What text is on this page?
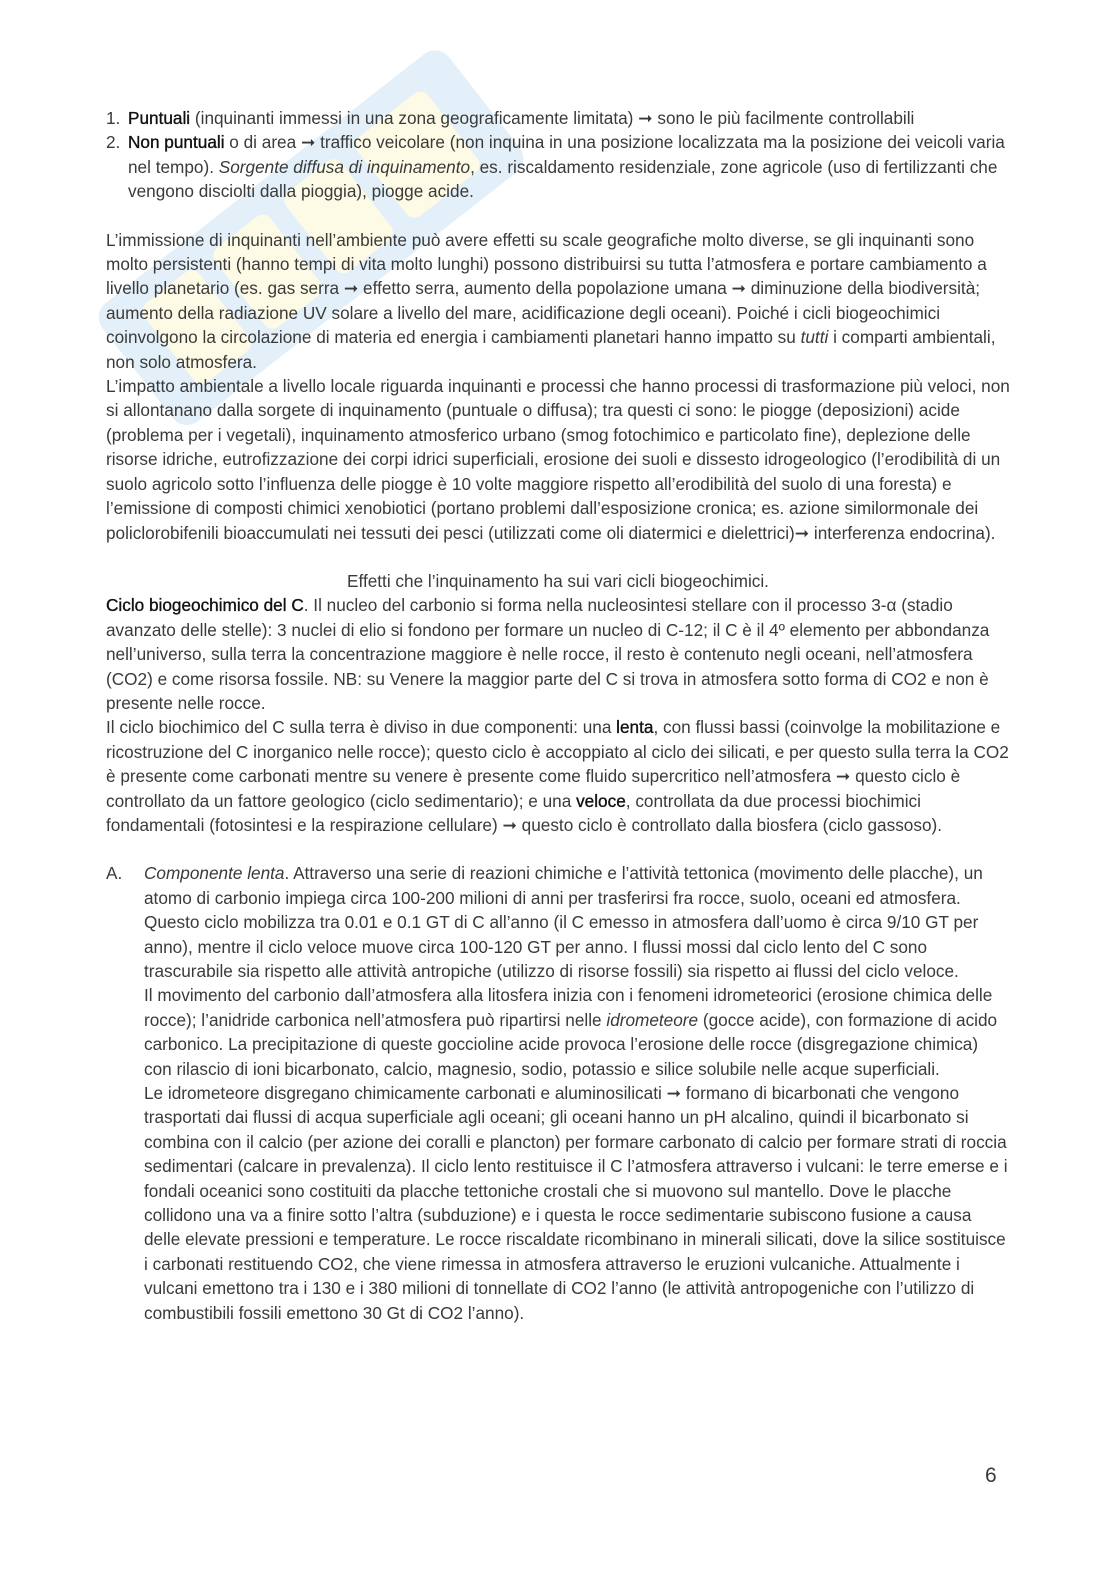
1. Puntuali (inquinanti immessi in una zona geograficamente limitata) ➞ sono le più facilmente controllabili
2. Non puntuali o di area ➞ traffico veicolare (non inquina in una posizione localizzata ma la posizione dei veicoli varia nel tempo). Sorgente diffusa di inquinamento, es. riscaldamento residenziale, zone agricole (uso di fertilizzanti che vengono disciolti dalla pioggia), piogge acide.

L’immissione di inquinanti nell’ambiente può avere effetti su scale geografiche molto diverse, se gli inquinanti sono molto persistenti (hanno tempi di vita molto lunghi) possono distribuirsi su tutta l’atmosfera e portare cambiamento a livello planetario (es. gas serra ➞ effetto serra, aumento della popolazione umana ➞ diminuzione della biodiversità; aumento della radiazione UV solare a livello del mare, acidificazione degli oceani). Poiché i cicli biogeochimici coinvolgono la circolazione di materia ed energia i cambiamenti planetari hanno impatto su tutti i comparti ambientali, non solo atmosfera.

L’impatto ambientale a livello locale riguarda inquinanti e processi che hanno processi di trasformazione più veloci, non si allontanano dalla sorgete di inquinamento (puntuale o diffusa); tra questi ci sono: le piogge (deposizioni) acide (problema per i vegetali), inquinamento atmosferico urbano (smog fotochimico e particolato fine), deplezione delle risorse idriche, eutrofizzazione dei corpi idrici superficiali, erosione dei suoli e dissesto idrogeologico (l’erodibilità di un suolo agricolo sotto l’influenza delle piogge è 10 volte maggiore rispetto all’erodibilità del suolo di una foresta) e l’emissione di composti chimici xenobiotici (portano problemi dall’esposizione cronica; es. azione similormonale dei policlorobifenili bioaccumulati nei tessuti dei pesci (utilizzati come oli diatermici e dielettrici)➞ interferenza endocrina).

Effetti che l’inquinamento ha sui vari cicli biogeochimici.

Ciclo biogeochimico del C. Il nucleo del carbonio si forma nella nucleosintesi stellare con il processo 3-α (stadio avanzato delle stelle): 3 nuclei di elio si fondono per formare un nucleo di C-12; il C è il 4º elemento per abbondanza nell’universo, sulla terra la concentrazione maggiore è nelle rocce, il resto è contenuto negli oceani, nell’atmosfera (CO2) e come risorsa fossile. NB: su Venere la maggior parte del C si trova in atmosfera sotto forma di CO2 e non è presente nelle rocce.

Il ciclo biochimico del C sulla terra è diviso in due componenti: una lenta, con flussi bassi (coinvolge la mobilitazione e ricostruzione del C inorganico nelle rocce); questo ciclo è accoppiato al ciclo dei silicati, e per questo sulla terra la CO2 è presente come carbonati mentre su venere è presente come fluido supercritico nell’atmosfera ➞ questo ciclo è controllato da un fattore geologico (ciclo sedimentario); e una veloce, controllata da due processi biochimici fondamentali (fotosintesi e la respirazione cellulare) ➞ questo ciclo è controllato dalla biosfera (ciclo gassoso).

A. Componente lenta. Attraverso una serie di reazioni chimiche e l’attività tettonica (movimento delle placche), un atomo di carbonio impiega circa 100-200 milioni di anni per trasferirsi fra rocce, suolo, oceani ed atmosfera. Questo ciclo mobilizza tra 0.01 e 0.1 GT di C all’anno (il C emesso in atmosfera dall’uomo è circa 9/10 GT per anno), mentre il ciclo veloce muove circa 100-120 GT per anno. I flussi mossi dal ciclo lento del C sono trascurabile sia rispetto alle attività antropiche (utilizzo di risorse fossili) sia rispetto ai flussi del ciclo veloce.

Il movimento del carbonio dall’atmosfera alla litosfera inizia con i fenomeni idrometeorici (erosione chimica delle rocce); l’anidride carbonica nell’atmosfera può ripartirsi nelle idrometeore (gocce acide), con formazione di acido carbonico. La precipitazione di queste goccioline acide provoca l’erosione delle rocce (disgregazione chimica) con rilascio di ioni bicarbonato, calcio, magnesio, sodio, potassio e silice solubile nelle acque superficiali.

Le idrometeore disgregano chimicamente carbonati e aluminosilicati ➞ formano di bicarbonati che vengono trasportati dai flussi di acqua superficiale agli oceani; gli oceani hanno un pH alcalino, quindi il bicarbonato si combina con il calcio (per azione dei coralli e plancton) per formare carbonato di calcio per formare strati di roccia sedimentari (calcare in prevalenza). Il ciclo lento restituisce il C l’atmosfera attraverso i vulcani: le terre emerse e i fondali oceanici sono costituiti da placche tettoniche crostali che si muovono sul mantello. Dove le placche collidono una va a finire sotto l’altra (subduzione) e i questa le rocce sedimentarie subiscono fusione a causa delle elevate pressioni e temperature. Le rocce riscaldate ricombinano in minerali silicati, dove la silice sostituisce i carbonati restituendo CO2, che viene rimessa in atmosfera attraverso le eruzioni vulcaniche. Attualmente i vulcani emettono tra i 130 e i 380 milioni di tonnellate di CO2 l’anno (le attività antropogeniche con l’utilizzo di combustibili fossili emettono 30 Gt di CO2 l’anno).

6
